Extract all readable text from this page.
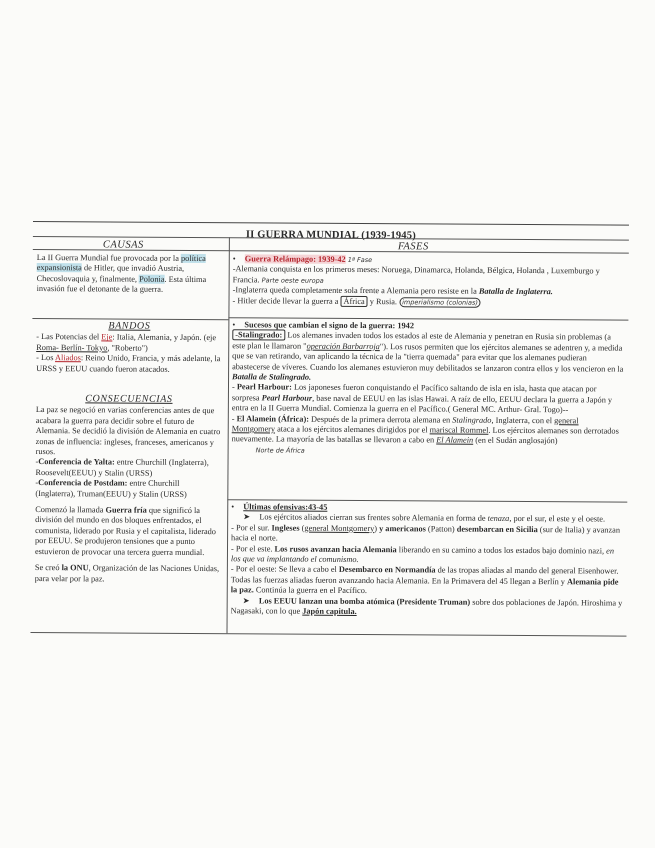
II GUERRA MUNDIAL (1939-1945)
CAUSAS	FASES

La II Guerra Mundial fue provocada por la política expansionista de Hitler, que invadió Austria, Checoslovaquia y, finalmente, Polonia. Esta última invasión fue el detonante de la guerra.

BANDOS

- Las Potencias del Eje: Italia, Alemania, y Japón. (eje Roma- Berlín- Tokyo, "Roberto")

- Los Aliados: Reino Unido, Francia, y más adelante, la URSS y EEUU cuando fueron atacados.

CONSECUENCIAS

La paz se negoció en varias conferencias antes de que acabara la guerra para decidir sobre el futuro de Alemania. Se decidió la división de Alemania en cuatro zonas de influencia: ingleses, franceses, americanos y rusos.

-Conferencia de Yalta: entre Churchill (Inglaterra), Roosevelt(EEUU) y Stalin (URSS)

-Conferencia de Postdam: entre Churchill (Inglaterra), Truman(EEUU) y Stalin (URSS)

Comenzó la llamada Guerra fría que significó la división del mundo en dos bloques enfrentados, el comunista, liderado por Rusia y el capitalista, liderado por EEUU. Se produjeron tensiones que a punto estuvieron de provocar una tercera guerra mundial.

Se creó la ONU, Organización de las Naciones Unidas, para velar por la paz.

• Guerra Relámpago: 1939-42 1ª Fase

-Alemania conquista en los primeros meses: Noruega, Dinamarca, Holanda, Bélgica, Holanda , Luxemburgo y Francia. Parte oeste europa

-Inglaterra queda completamente sola frente a Alemania pero resiste en la Batalla de Inglaterra.

- Hitler decide llevar la guerra a África y Rusia. imperialismo (colonias)

• Sucesos que cambian el signo de la guerra: 1942

-Stalingrado: Los alemanes invaden todos los estados al este de Alemania y penetran en Rusia sin problemas (a este plan le llamaron "operación Barbarroja"). Los rusos permiten que los ejércitos alemanes se adentren y, a medida que se van retirando, van aplicando la técnica de la "tierra quemada" para evitar que los alemanes pudieran abastecerse de víveres. Cuando los alemanes estuvieron muy debilitados se lanzaron contra ellos y los vencieron en la Batalla de Stalingrado.

- Pearl Harbour: Los japoneses fueron conquistando el Pacífico saltando de isla en isla, hasta que atacan por sorpresa Pearl Harbour, base naval de EEUU en las islas Hawai. A raíz de ello, EEUU declara la guerra a Japón y entra en la II Guerra Mundial. Comienza la guerra en el Pacífico.( General MC. Arthur- Gral. Togo)--

- El Alamein (África): Después de la primera derrota alemana en Stalingrado, Inglaterra, con el general Montgomery ataca a los ejércitos alemanes dirigidos por el mariscal Rommel. Los ejércitos alemanes son derrotados nuevamente. La mayoría de las batallas se llevaron a cabo en El Alamein (en el Sudán anglosajón)

Norte de África

• Últimas ofensivas:43-45

➤ Los ejércitos aliados cierran sus frentes sobre Alemania en forma de tenaza, por el sur, el este y el oeste.

- Por el sur. Ingleses (general Montgomery) y americanos (Patton) desembarcan en Sicilia (sur de Italia) y avanzan hacia el norte.

- Por el este. Los rusos avanzan hacia Alemania liberando en su camino a todos los estados bajo dominio nazi, en los que va implantando el comunismo.

- Por el oeste: Se lleva a cabo el Desembarco en Normandía de las tropas aliadas al mando del general Eisenhower. Todas las fuerzas aliadas fueron avanzando hacia Alemania. En la Primavera del 45 llegan a Berlín y Alemania pide la paz. Continúa la guerra en el Pacífico.

➤ Los EEUU lanzan una bomba atómica (Presidente Truman) sobre dos poblaciones de Japón. Hiroshima y Nagasaki, con lo que Japón capitula.
